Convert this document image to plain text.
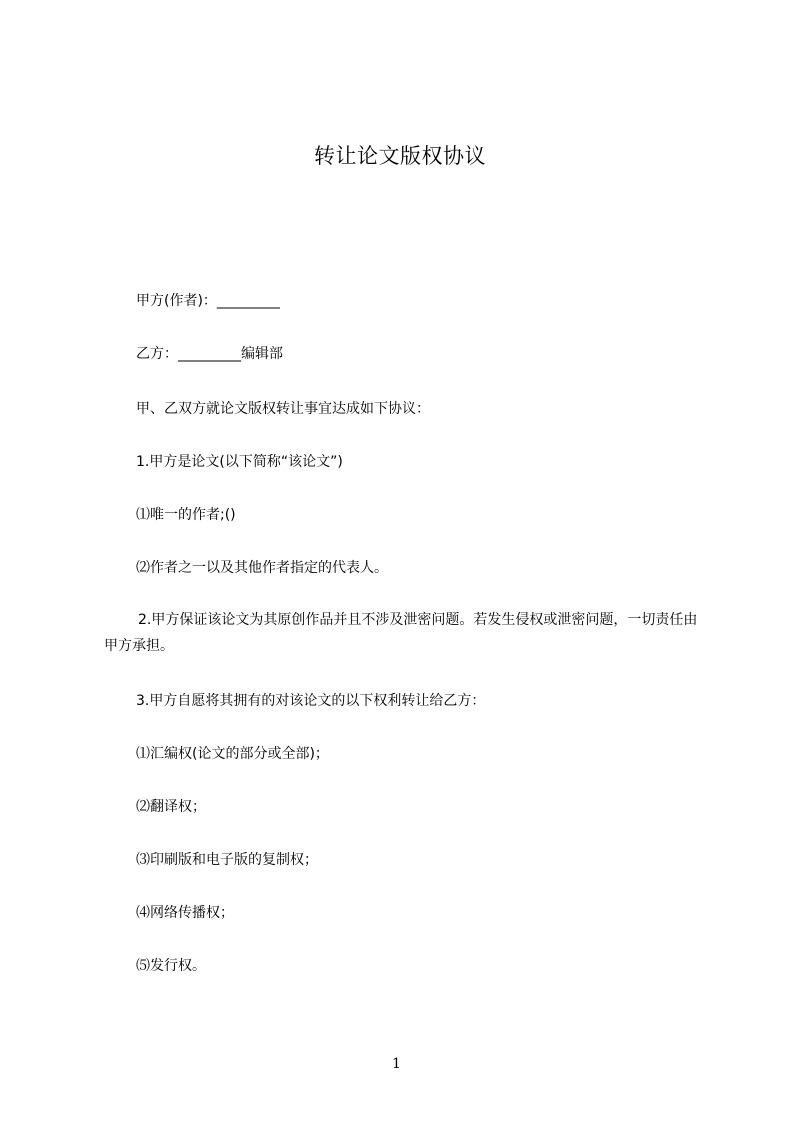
转让论文版权协议

甲方(作者)：_________

乙方：_________编辑部

甲、乙双方就论文版权转让事宜达成如下协议：

1.甲方是论文(以下简称“该论文”)

⑴唯一的作者;()

⑵作者之一以及其他作者指定的代表人。

2.甲方保证该论文为其原创作品并且不涉及泄密问题。若发生侵权或泄密问题，一切责任由甲方承担。

3.甲方自愿将其拥有的对该论文的以下权利转让给乙方：

⑴汇编权(论文的部分或全部)；

⑵翻译权；

⑶印刷版和电子版的复制权；

⑷网络传播权；

⑸发行权。

1
